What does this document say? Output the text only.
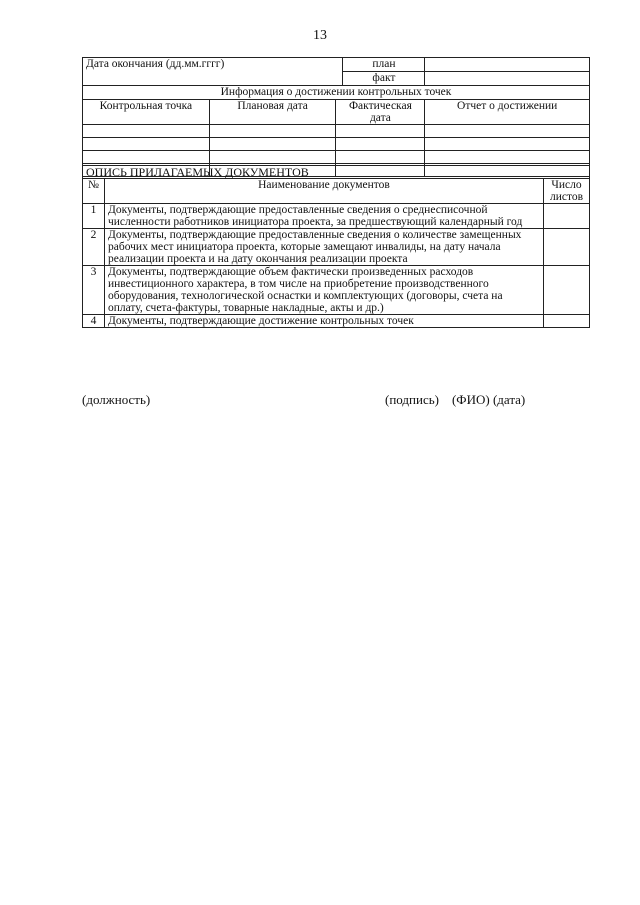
13
Дата окончания (дд.мм.гггг)			план	
			факт	
Информация о достижении контрольных точек				
Контрольная точка	Плановая дата	Фактическая дата		Отчет о достижении

ОПИСЬ ПРИЛАГАЕМЫХ ДОКУМЕНТОВ		
№	Наименование документов	Число листов
1	Документы, подтверждающие предоставленные сведения о среднесписочной численности работников инициатора проекта, за предшествующий календарный год	
2	Документы, подтверждающие предоставленные сведения о количестве замещенных рабочих мест инициатора проекта, которые замещают инвалиды, на дату начала реализации проекта и на дату окончания реализации проекта	
3	Документы, подтверждающие объем фактически произведенных расходов инвестиционного характера, в том числе на приобретение производственного оборудования, технологической оснастки и комплектующих (договоры, счета на оплату, счета-фактуры, товарные накладные, акты и др.)	
4	Документы, подтверждающие достижение контрольных точек	
(должность)	(подпись) (ФИО) (дата)
